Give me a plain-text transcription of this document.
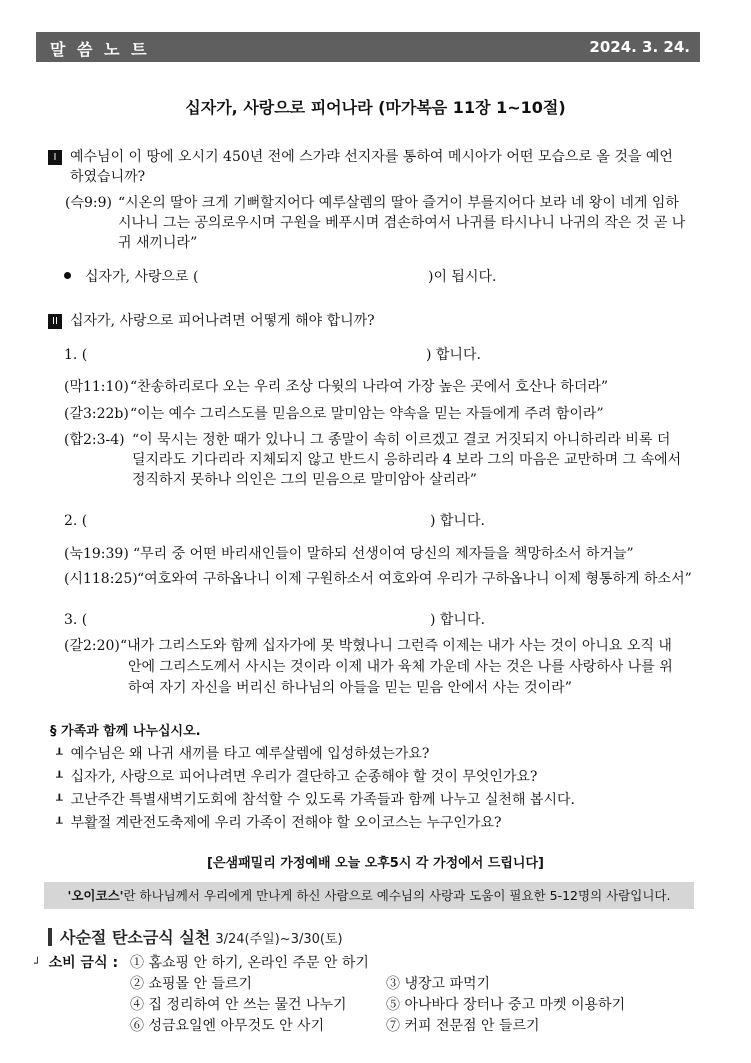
말 씀 노 트	2024. 3. 24.
십자가, 사랑으로 피어나라 (마가복음 11장 1~10절)
I 예수님이 이 땅에 오시기 450년 전에 스가랴 선지자를 통하여 메시아가 어떤 모습으로 올 것을 예언
하였습니까?
(슥9:9) “시온의 딸아 크게 기뻐할지어다 예루살렘의 딸아 즐거이 부를지어다 보라 네 왕이 네게 임하
시나니 그는 공의로우시며 구원을 베푸시며 겸손하여서 나귀를 타시나니 나귀의 작은 것 곧 나
귀 새끼니라”
십자가, 사랑으로 (	)이 됩시다.
II 십자가, 사랑으로 피어나려면 어떻게 해야 합니까?
1. (	) 합니다.
(막11:10) “찬송하리로다 오는 우리 조상 다윗의 나라여 가장 높은 곳에서 호산나 하더라”
(갈3:22b) “이는 예수 그리스도를 믿음으로 말미암는 약속을 믿는 자들에게 주려 함이라”
(합2:3-4) “이 묵시는 정한 때가 있나니 그 종말이 속히 이르겠고 결코 거짓되지 아니하리라 비록 더
딜지라도 기다리라 지체되지 않고 반드시 응하리라 4 보라 그의 마음은 교만하며 그 속에서
정직하지 못하나 의인은 그의 믿음으로 말미암아 살리라”
2. (	) 합니다.
(눅19:39) “무리 중 어떤 바리새인들이 말하되 선생이여 당신의 제자들을 책망하소서 하거늘”
(시118:25) “여호와여 구하옵나니 이제 구원하소서 여호와여 우리가 구하옵나니 이제 형통하게 하소서”
3. (	) 합니다.
(갈2:20) “내가 그리스도와 함께 십자가에 못 박혔나니 그런즉 이제는 내가 사는 것이 아니요 오직 내
안에 그리스도께서 사시는 것이라 이제 내가 육체 가운데 사는 것은 나를 사랑하사 나를 위
하여 자기 자신을 버리신 하나님의 아들을 믿는 믿음 안에서 사는 것이라”
§ 가족과 함께 나누십시오.
┸ 예수님은 왜 나귀 새끼를 타고 예루살렘에 입성하셨는가요?
┸ 십자가, 사랑으로 피어나려면 우리가 결단하고 순종해야 할 것이 무엇인가요?
┸ 고난주간 특별새벽기도회에 참석할 수 있도록 가족들과 함께 나누고 실천해 봅시다.
┸ 부활절 계란전도축제에 우리 가족이 전해야 할 오이코스는 누구인가요?
[은샘패밀리 가정예배 오늘 오후5시 각 가정에서 드립니다]
'오이코스'란 하나님께서 우리에게 만나게 하신 사람으로 예수님의 사랑과 도움이 필요한 5-12명의 사람입니다.
사순절 탄소금식 실천 3/24(주일)~3/30(토)
┘ 소비 금식 : ① 홈쇼핑 안 하기, 온라인 주문 안 하기
② 쇼핑몰 안 들르기	③ 냉장고 파먹기
④ 집 정리하여 안 쓰는 물건 나누기	⑤ 아나바다 장터나 중고 마켓 이용하기
⑥ 성금요일엔 아무것도 안 사기	⑦ 커피 전문점 안 들르기
